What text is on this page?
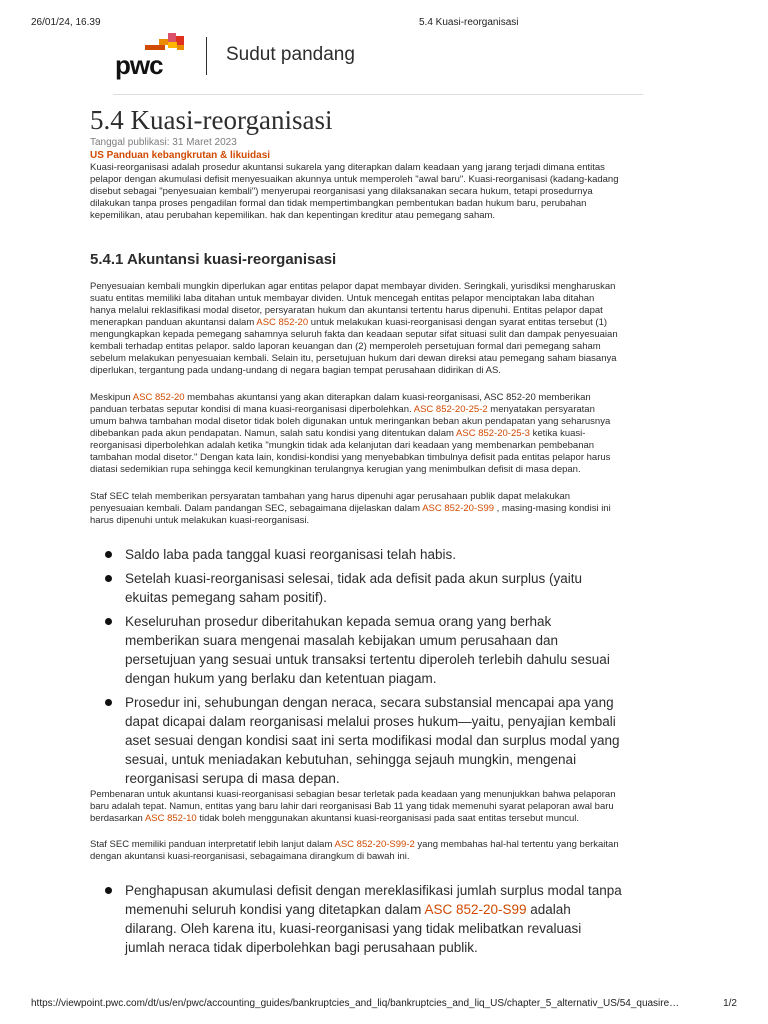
26/01/24, 16.39	5.4 Kuasi-reorganisasi
pwc	Sudut pandang
5.4 Kuasi-reorganisasi
Tanggal publikasi: 31 Maret 2023
US Panduan kebangkrutan & likuidasi

Kuasi-reorganisasi adalah prosedur akuntansi sukarela yang diterapkan dalam keadaan yang jarang terjadi dimana entitas pelapor dengan akumulasi defisit menyesuaikan akunnya untuk memperoleh "awal baru". Kuasi-reorganisasi (kadang-kadang disebut sebagai "penyesuaian kembali") menyerupai reorganisasi yang dilaksanakan secara hukum, tetapi prosedurnya dilakukan tanpa proses pengadilan formal dan tidak mempertimbangkan pembentukan badan hukum baru, perubahan kepemilikan, atau perubahan kepemilikan. hak dan kepentingan kreditur atau pemegang saham.

5.4.1 Akuntansi kuasi-reorganisasi

Penyesuaian kembali mungkin diperlukan agar entitas pelapor dapat membayar dividen. Seringkali, yurisdiksi mengharuskan suatu entitas memiliki laba ditahan untuk membayar dividen. Untuk mencegah entitas pelapor menciptakan laba ditahan hanya melalui reklasifikasi modal disetor, persyaratan hukum dan akuntansi tertentu harus dipenuhi. Entitas pelapor dapat menerapkan panduan akuntansi dalam ASC 852-20 untuk melakukan kuasi-reorganisasi dengan syarat entitas tersebut (1) mengungkapkan kepada pemegang sahamnya seluruh fakta dan keadaan seputar sifat situasi sulit dan dampak penyesuaian kembali terhadap entitas pelapor. saldo laporan keuangan dan (2) memperoleh persetujuan formal dari pemegang saham sebelum melakukan penyesuaian kembali. Selain itu, persetujuan hukum dari dewan direksi atau pemegang saham biasanya diperlukan, tergantung pada undang-undang di negara bagian tempat perusahaan didirikan di AS.

Meskipun ASC 852-20 membahas akuntansi yang akan diterapkan dalam kuasi-reorganisasi, ASC 852-20 memberikan panduan terbatas seputar kondisi di mana kuasi-reorganisasi diperbolehkan. ASC 852-20-25-2 menyatakan persyaratan umum bahwa tambahan modal disetor tidak boleh digunakan untuk meringankan beban akun pendapatan yang seharusnya dibebankan pada akun pendapatan. Namun, salah satu kondisi yang ditentukan dalam ASC 852-20-25-3 ketika kuasi-reorganisasi diperbolehkan adalah ketika "mungkin tidak ada kelanjutan dari keadaan yang membenarkan pembebanan tambahan modal disetor." Dengan kata lain, kondisi-kondisi yang menyebabkan timbulnya defisit pada entitas pelapor harus diatasi sedemikian rupa sehingga kecil kemungkinan terulangnya kerugian yang menimbulkan defisit di masa depan.

Staf SEC telah memberikan persyaratan tambahan yang harus dipenuhi agar perusahaan publik dapat melakukan penyesuaian kembali. Dalam pandangan SEC, sebagaimana dijelaskan dalam ASC 852-20-S99 , masing-masing kondisi ini harus dipenuhi untuk melakukan kuasi-reorganisasi.

Saldo laba pada tanggal kuasi reorganisasi telah habis.
Setelah kuasi-reorganisasi selesai, tidak ada defisit pada akun surplus (yaitu ekuitas pemegang saham positif).
Keseluruhan prosedur diberitahukan kepada semua orang yang berhak memberikan suara mengenai masalah kebijakan umum perusahaan dan persetujuan yang sesuai untuk transaksi tertentu diperoleh terlebih dahulu sesuai dengan hukum yang berlaku dan ketentuan piagam.
Prosedur ini, sehubungan dengan neraca, secara substansial mencapai apa yang dapat dicapai dalam reorganisasi melalui proses hukum—yaitu, penyajian kembali aset sesuai dengan kondisi saat ini serta modifikasi modal dan surplus modal yang sesuai, untuk meniadakan kebutuhan, sehingga sejauh mungkin, mengenai reorganisasi serupa di masa depan.

Pembenaran untuk akuntansi kuasi-reorganisasi sebagian besar terletak pada keadaan yang menunjukkan bahwa pelaporan baru adalah tepat. Namun, entitas yang baru lahir dari reorganisasi Bab 11 yang tidak memenuhi syarat pelaporan awal baru berdasarkan ASC 852-10 tidak boleh menggunakan akuntansi kuasi-reorganisasi pada saat entitas tersebut muncul.

Staf SEC memiliki panduan interpretatif lebih lanjut dalam ASC 852-20-S99-2 yang membahas hal-hal tertentu yang berkaitan dengan akuntansi kuasi-reorganisasi, sebagaimana dirangkum di bawah ini.

Penghapusan akumulasi defisit dengan mereklasifikasi jumlah surplus modal tanpa memenuhi seluruh kondisi yang ditetapkan dalam ASC 852-20-S99 adalah dilarang. Oleh karena itu, kuasi-reorganisasi yang tidak melibatkan revaluasi jumlah neraca tidak diperbolehkan bagi perusahaan publik.
https://viewpoint.pwc.com/dt/us/en/pwc/accounting_guides/bankruptcies_and_liq/bankruptcies_and_liq_US/chapter_5_alternativ_US/54_quasire…	1/2
